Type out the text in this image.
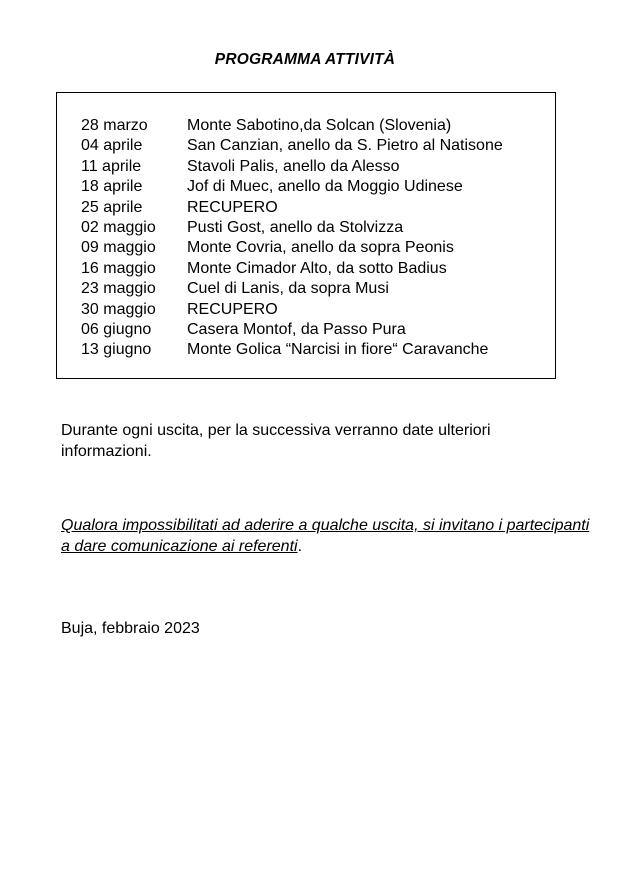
PROGRAMMA ATTIVITÀ
28 marzo	Monte Sabotino,da Solcan (Slovenia)
04 aprile	San Canzian, anello da S. Pietro al Natisone
11 aprile	Stavoli Palis, anello da Alesso
18 aprile	Jof di Muec, anello da Moggio Udinese
25 aprile	RECUPERO
02 maggio	Pusti Gost, anello da Stolvizza
09 maggio	Monte Covria, anello da sopra Peonis
16 maggio	Monte Cimador Alto, da sotto Badius
23 maggio	Cuel di Lanis, da sopra Musi
30 maggio	RECUPERO
06 giugno	Casera Montof, da Passo Pura
13 giugno	Monte Golica “Narcisi in fiore“ Caravanche
Durante ogni uscita, per la successiva verranno date ulteriori informazioni.
Qualora impossibilitati ad aderire a qualche uscita, si invitano i partecipanti a dare comunicazione ai referenti.
Buja, febbraio 2023
